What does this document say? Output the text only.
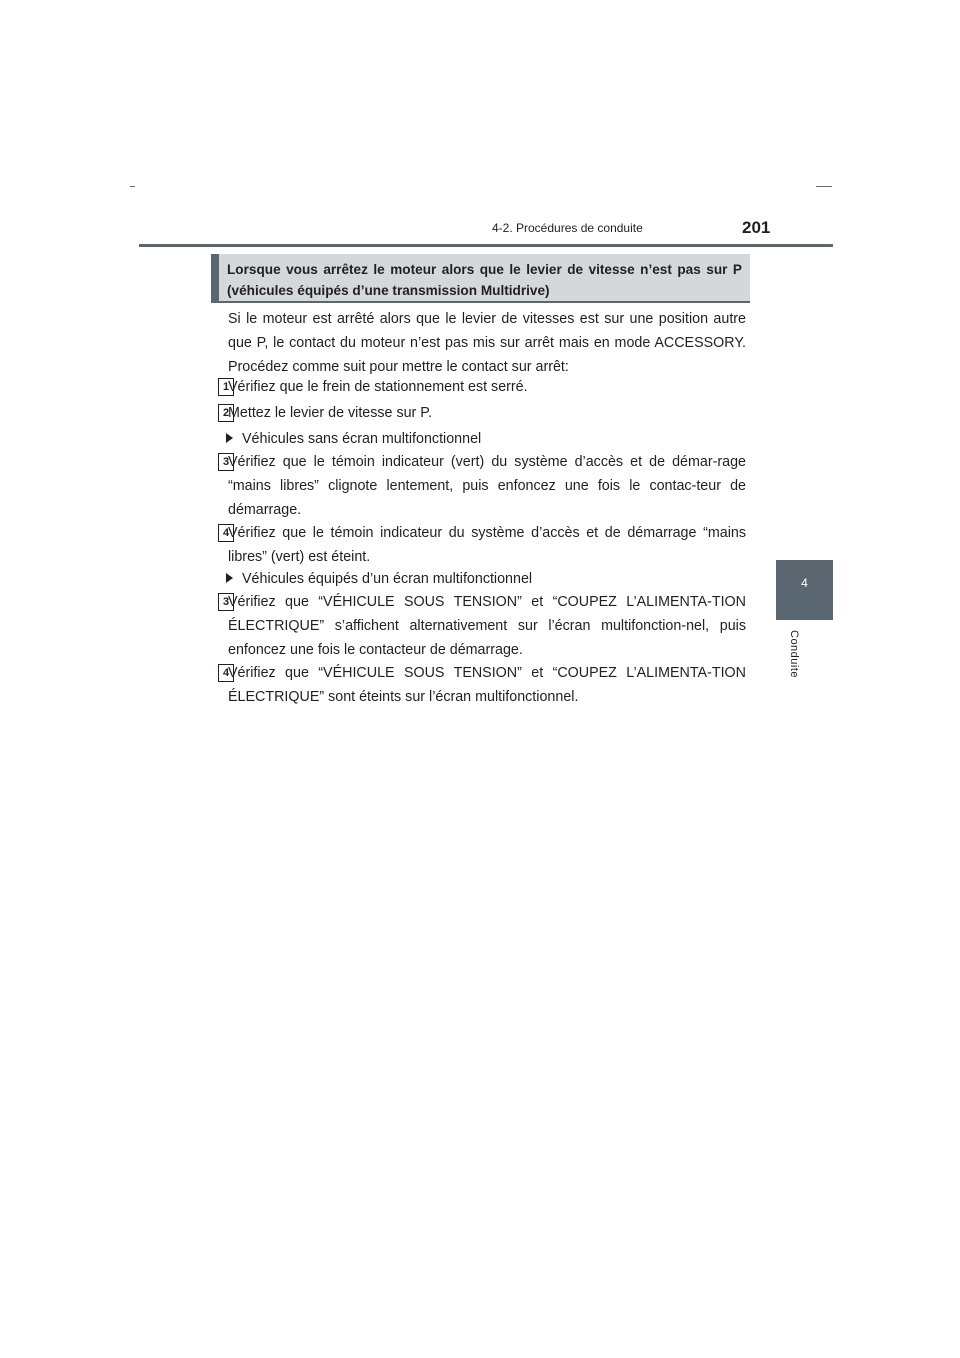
4-2. Procédures de conduite	201
4
Conduite
Lorsque vous arrêtez le moteur alors que le levier de vitesse n’est pas sur P (véhicules équipés d’une transmission Multidrive)

Si le moteur est arrêté alors que le levier de vitesses est sur une position autre que P, le contact du moteur n’est pas mis sur arrêt mais en mode ACCESSORY. Procédez comme suit pour mettre le contact sur arrêt:

1

Vérifiez que le frein de stationnement est serré.

2

Mettez le levier de vitesse sur P.

Véhicules sans écran multifonctionnel
3

Vérifiez que le témoin indicateur (vert) du système d’accès et de démar-rage “mains libres” clignote lentement, puis enfoncez une fois le contac-teur de démarrage.

4

Vérifiez que le témoin indicateur du système d’accès et de démarrage “mains libres” (vert) est éteint.

Véhicules équipés d’un écran multifonctionnel
3

Vérifiez que “VÉHICULE SOUS TENSION” et “COUPEZ L’ALIMENTA-TION ÉLECTRIQUE” s’affichent alternativement sur l’écran multifonction-nel, puis enfoncez une fois le contacteur de démarrage.

4

Vérifiez que “VÉHICULE SOUS TENSION” et “COUPEZ L’ALIMENTA-TION ÉLECTRIQUE” sont éteints sur l’écran multifonctionnel.
